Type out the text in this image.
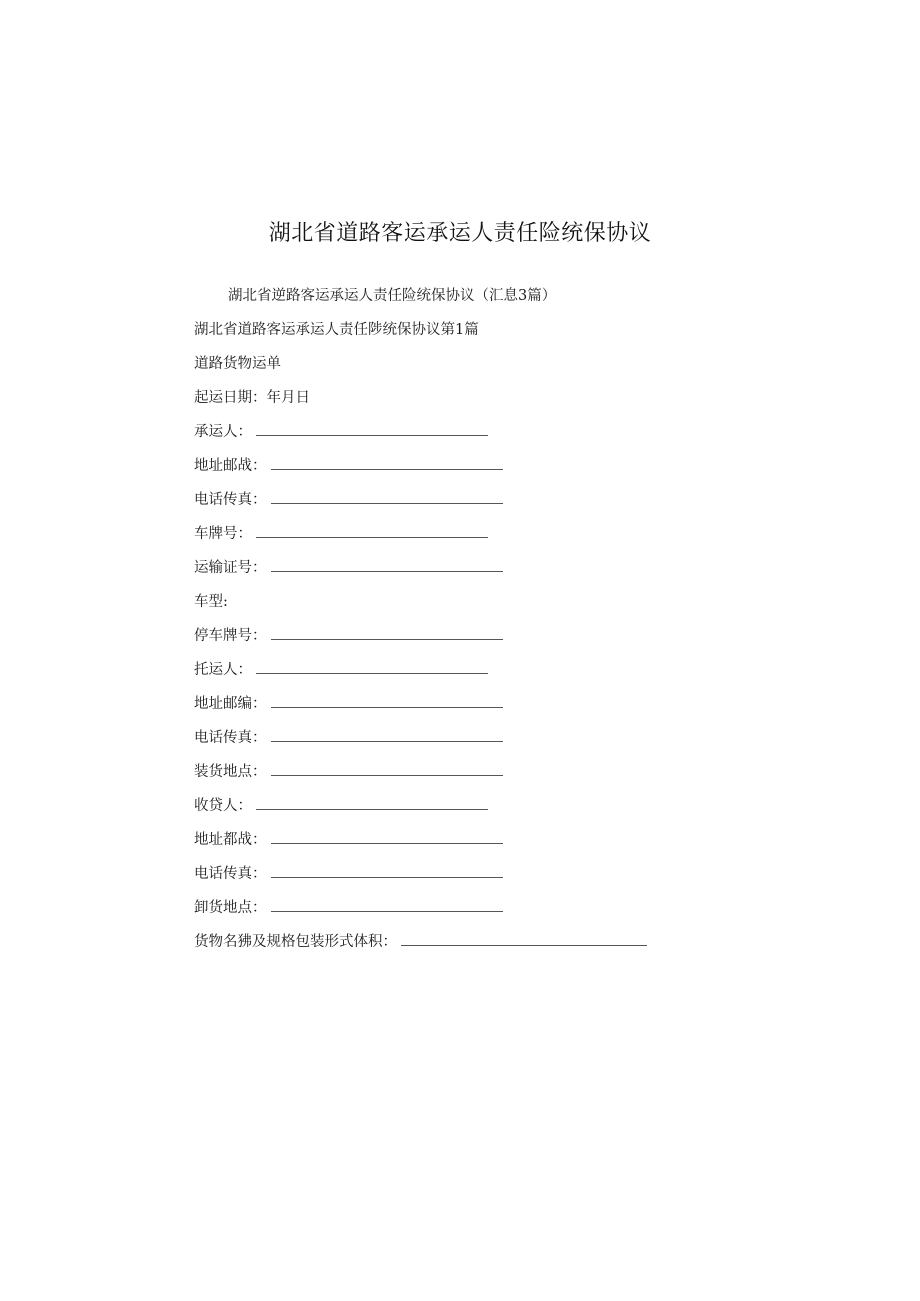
湖北省道路客运承运人责任险统保协议
湖北省逆路客运承运人责任险统保协议（汇息3篇）
湖北省道路客运承运人责任陟统保协议第1篇
道路货物运单
起运日期：年月日
承运人：
地址邮战：
电话传真：
车牌号：
运输证号：
车型:
停车牌号：
托运人：
地址邮编：
电话传真：
装货地点：
收贷人：
地址都战：
电话传真：
卸货地点：
货物名狒及规格包装形式体积：
